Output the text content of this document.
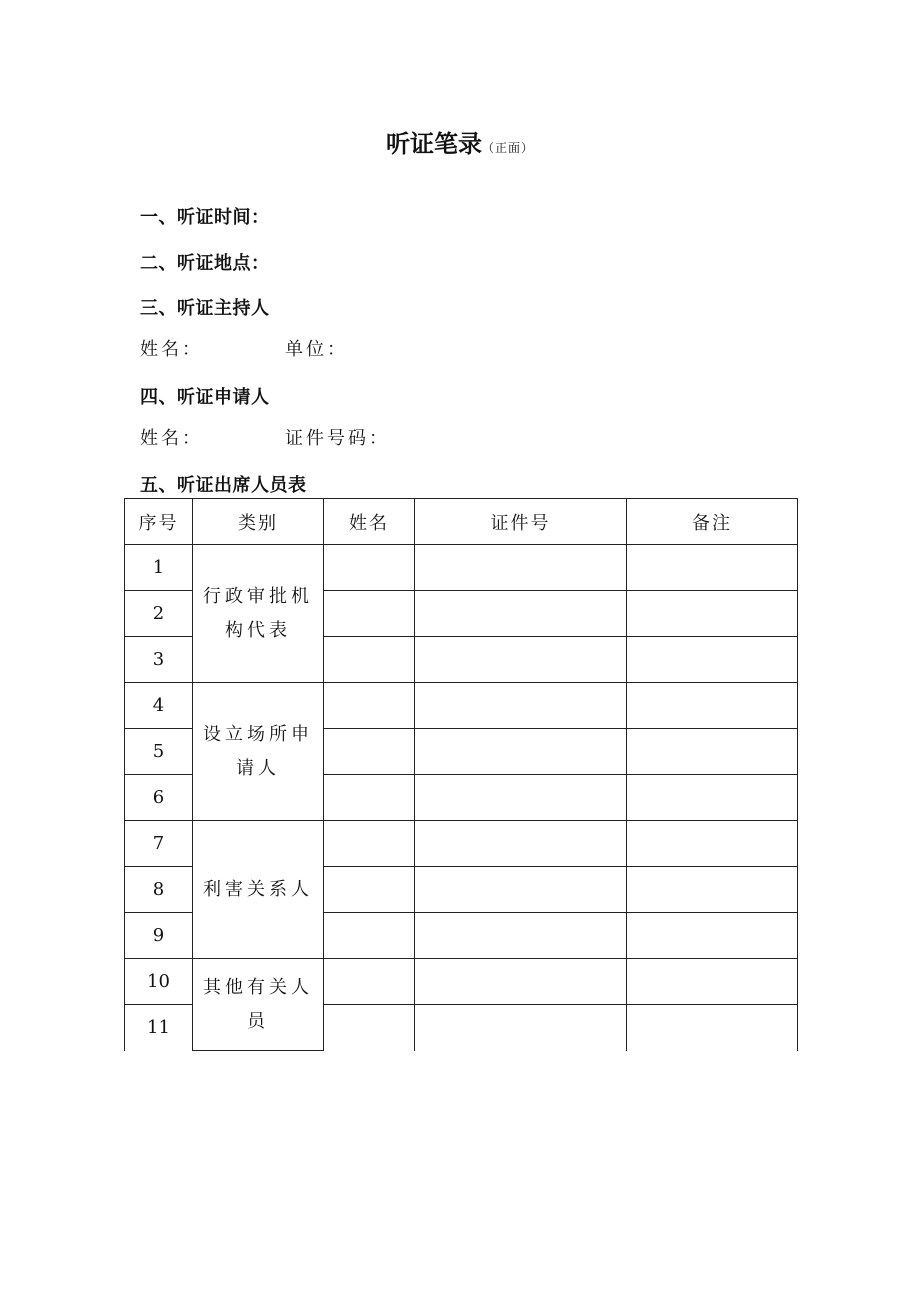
听证笔录（正面）
一、听证时间：
二、听证地点：
三、听证主持人
姓名：	单位：
四、听证申请人
姓名：	证件号码：
五、听证出席人员表
序号	类别	姓名	证件号	备注
1	行政审批机构代表			
2				
3				
4	设立场所申请人			
5				
6				
7	利害关系人			
8				
9				
10	其他有关人员			
11				
